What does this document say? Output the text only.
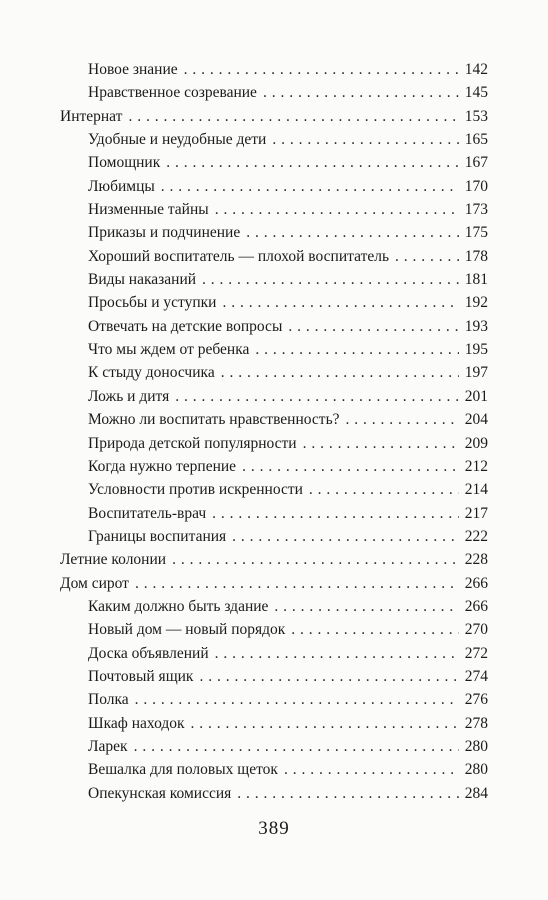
Новое знание . . .	142
Нравственное созревание . . .	145
Интернат . . .	153
Удобные и неудобные дети . . .	165
Помощник . . .	167
Любимцы . . .	170
Низменные тайны . . .	173
Приказы и подчинение . . .	175
Хороший воспитатель — плохой воспитатель . . .	178
Виды наказаний . . .	181
Просьбы и уступки . . .	192
Отвечать на детские вопросы . . .	193
Что мы ждем от ребенка . . .	195
К стыду доносчика . . .	197
Ложь и дитя . . .	201
Можно ли воспитать нравственность? . . .	204
Природа детской популярности . . .	209
Когда нужно терпение . . .	212
Условности против искренности . . .	214
Воспитатель-врач . . .	217
Границы воспитания . . .	222
Летние колонии . . .	228
Дом сирот . . .	266
Каким должно быть здание . . .	266
Новый дом — новый порядок . . .	270
Доска объявлений . . .	272
Почтовый ящик . . .	274
Полка . . .	276
Шкаф находок . . .	278
Ларек . . .	280
Вешалка для половых щеток . . .	280
Опекунская комиссия . . .	284
389
